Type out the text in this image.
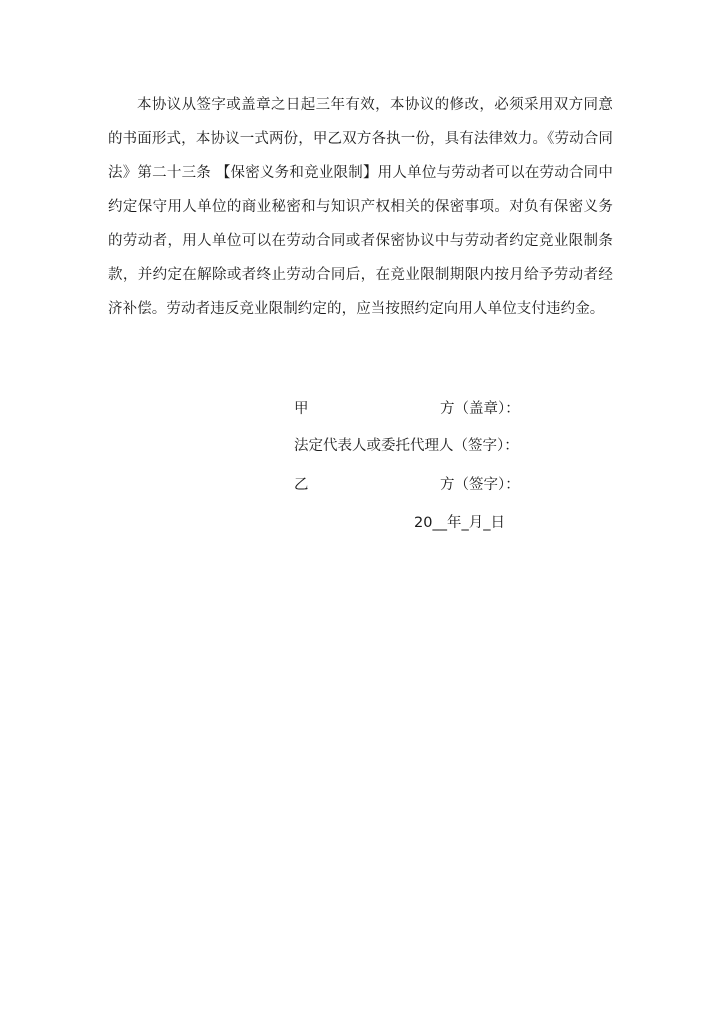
本协议从签字或盖章之日起三年有效，本协议的修改，必须采用双方同意的书面形式，本协议一式两份，甲乙双方各执一份，具有法律效力。《劳动合同法》第二十三条 【保密义务和竞业限制】用人单位与劳动者可以在劳动合同中约定保守用人单位的商业秘密和与知识产权相关的保密事项。对负有保密义务的劳动者，用人单位可以在劳动合同或者保密协议中与劳动者约定竞业限制条款，并约定在解除或者终止劳动合同后，在竞业限制期限内按月给予劳动者经济补偿。劳动者违反竞业限制约定的，应当按照约定向用人单位支付违约金。

甲	方（盖章）：
法定代表人或委托代理人（签字）：
乙	方（签字）：
20__年_月_日
